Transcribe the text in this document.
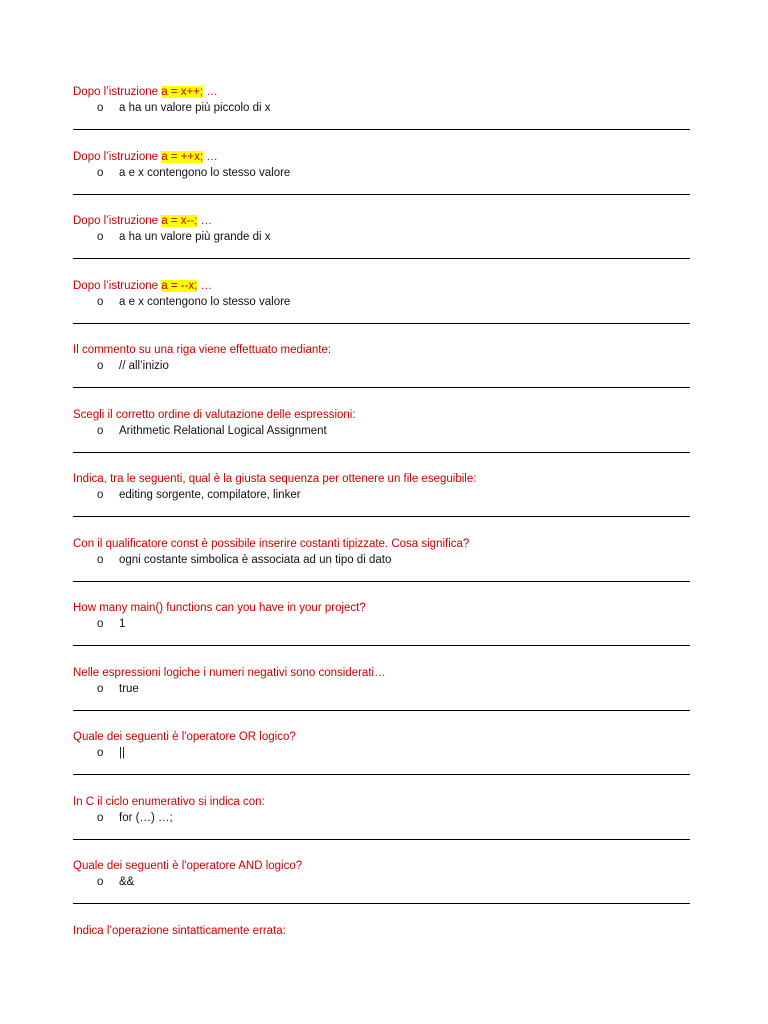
Dopo l’istruzione a = x++; …
o a ha un valore più piccolo di x
Dopo l’istruzione a = ++x; …
o a e x contengono lo stesso valore
Dopo l’istruzione a = x--; …
o a ha un valore più grande di x
Dopo l’istruzione a = --x; …
o a e x contengono lo stesso valore
Il commento su una riga viene effettuato mediante:
o // all’inizio
Scegli il corretto ordine di valutazione delle espressioni:
o Arithmetic Relational Logical Assignment
Indica, tra le seguenti, qual è la giusta sequenza per ottenere un file eseguibile:
o editing sorgente, compilatore, linker
Con il qualificatore const è possibile inserire costanti tipizzate. Cosa significa?
o ogni costante simbolica è associata ad un tipo di dato
How many main() functions can you have in your project?
o 1
Nelle espressioni logiche i numeri negativi sono considerati…
o true
Quale dei seguenti è l'operatore OR logico?
o ||
In C il ciclo enumerativo si indica con:
o for (…) …;
Quale dei seguenti è l'operatore AND logico?
o &&
Indica l’operazione sintatticamente errata:
